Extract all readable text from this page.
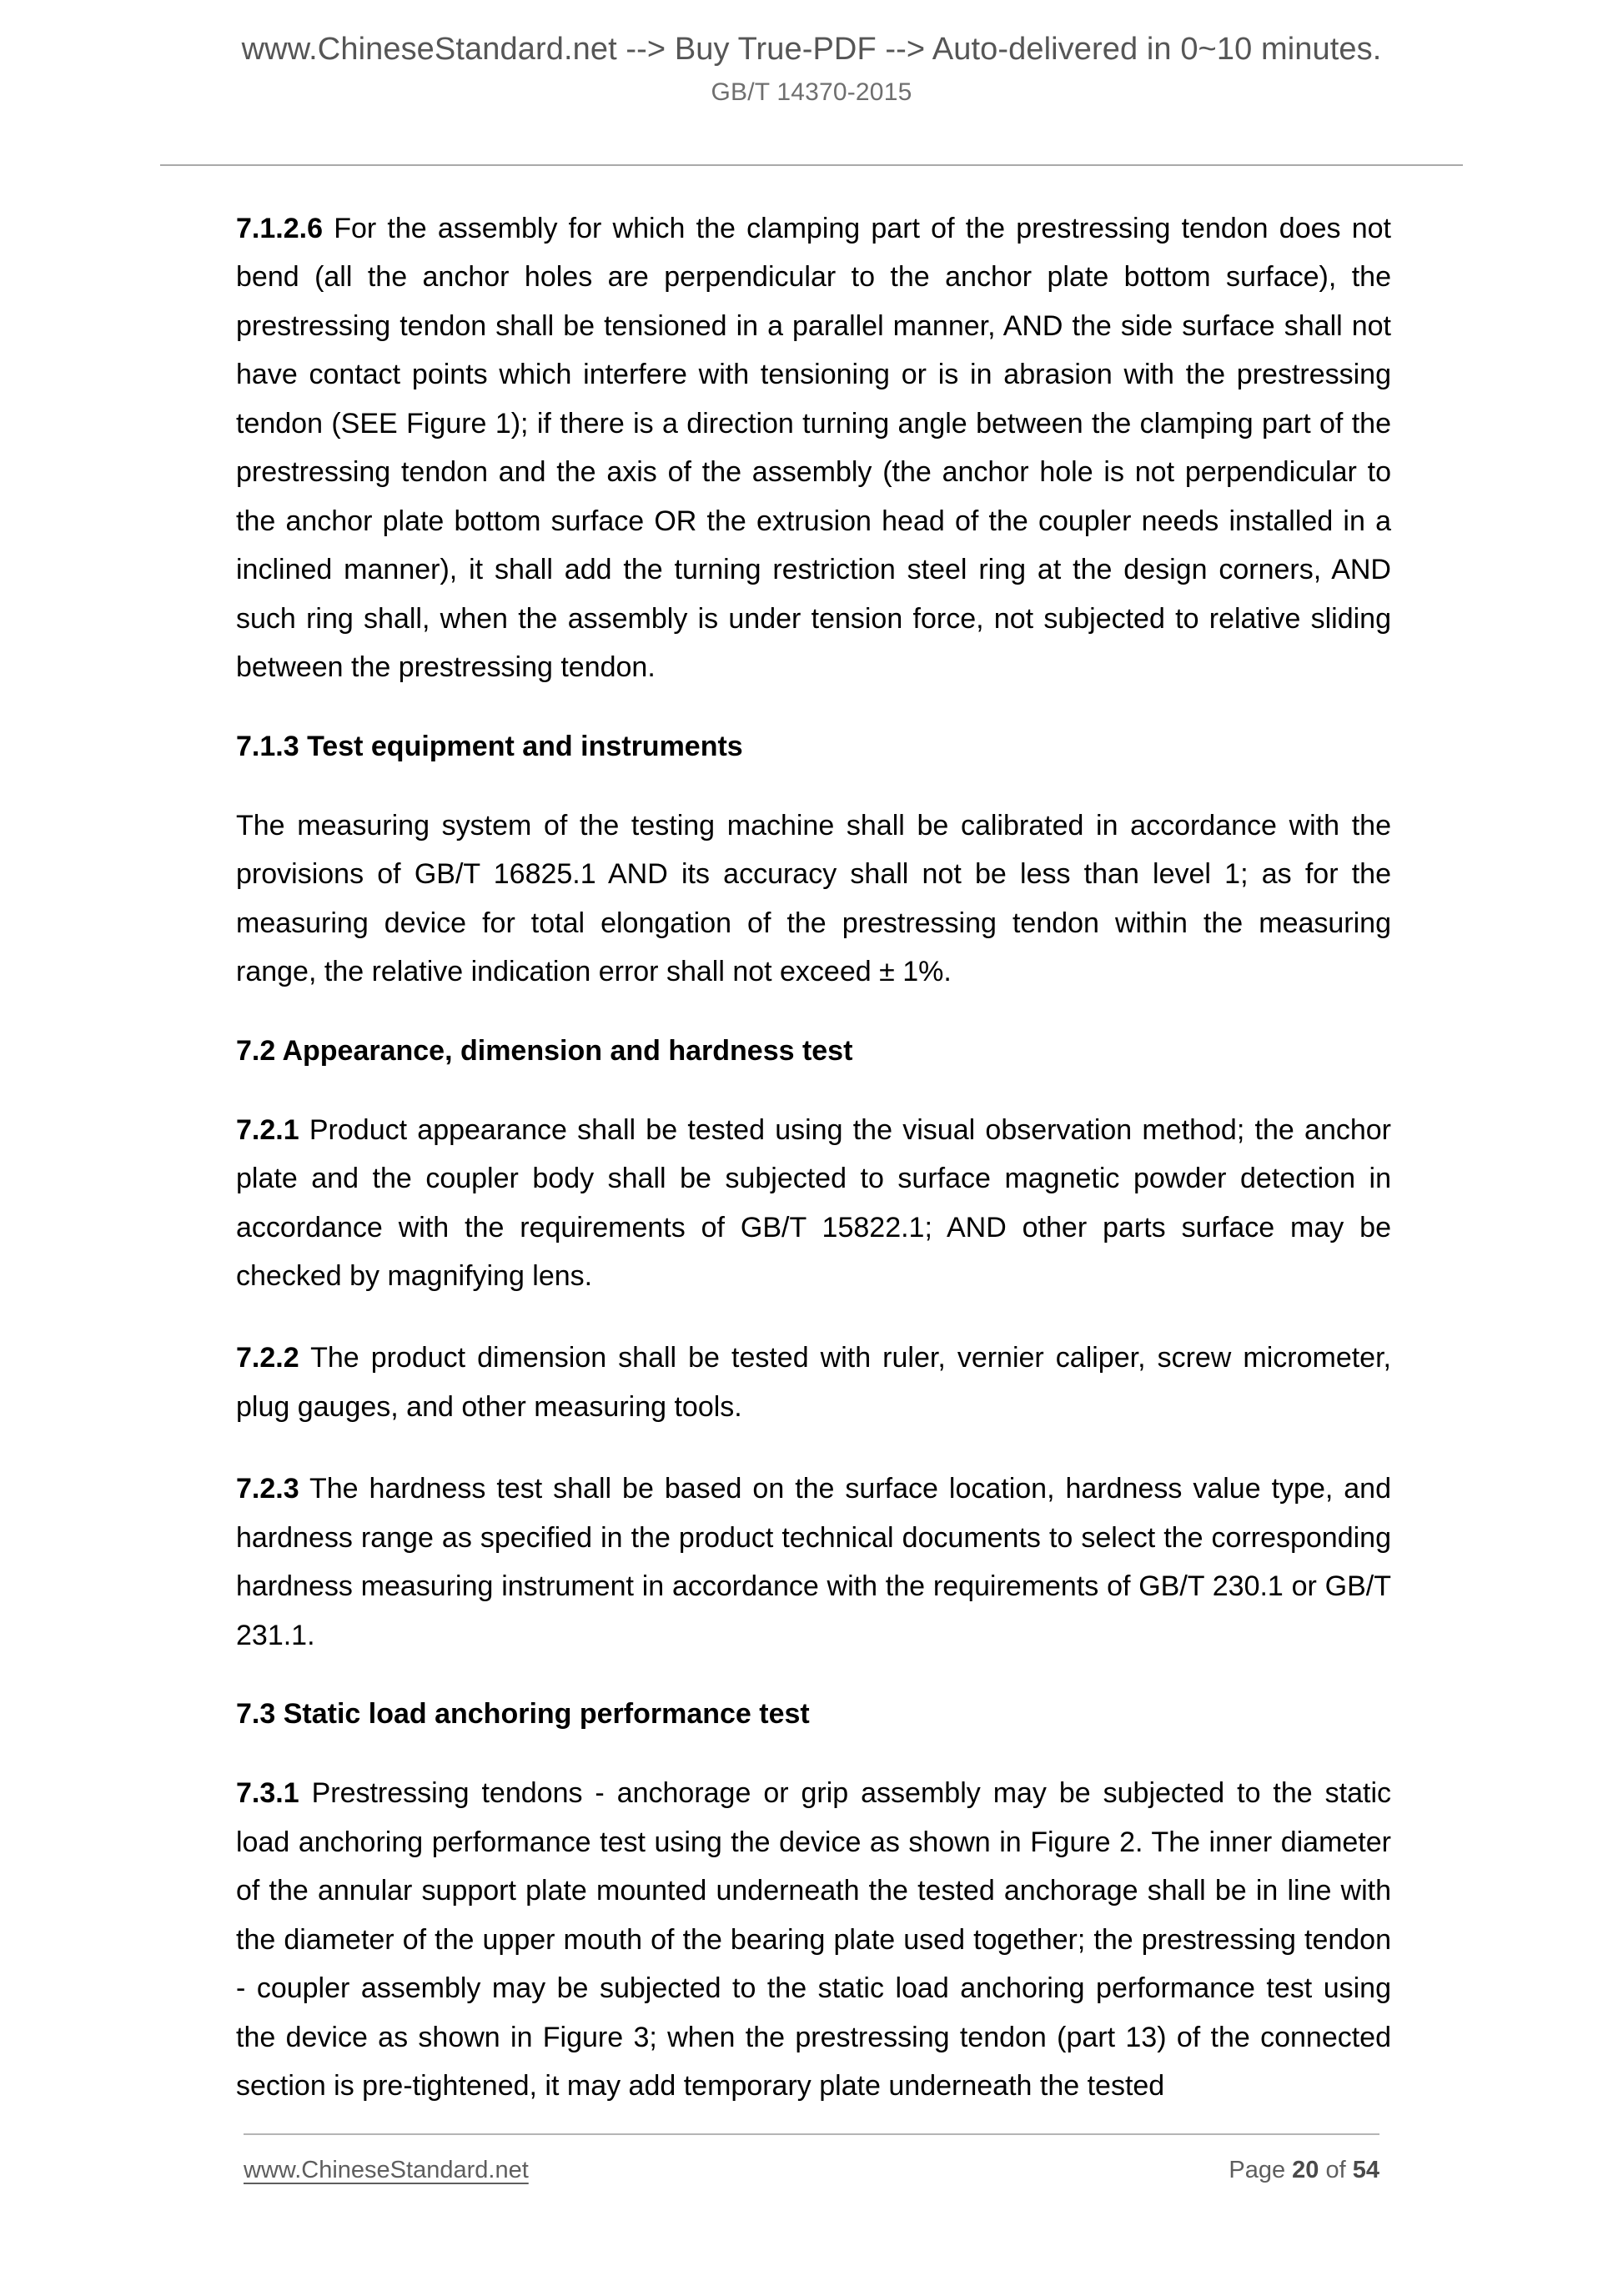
www.ChineseStandard.net --> Buy True-PDF --> Auto-delivered in 0~10 minutes.
GB/T 14370-2015

7.1.2.6 For the assembly for which the clamping part of the prestressing tendon does not bend (all the anchor holes are perpendicular to the anchor plate bottom surface), the prestressing tendon shall be tensioned in a parallel manner, AND the side surface shall not have contact points which interfere with tensioning or is in abrasion with the prestressing tendon (SEE Figure 1); if there is a direction turning angle between the clamping part of the prestressing tendon and the axis of the assembly (the anchor hole is not perpendicular to the anchor plate bottom surface OR the extrusion head of the coupler needs installed in a inclined manner), it shall add the turning restriction steel ring at the design corners, AND such ring shall, when the assembly is under tension force, not subjected to relative sliding between the prestressing tendon.

7.1.3 Test equipment and instruments

The measuring system of the testing machine shall be calibrated in accordance with the provisions of GB/T 16825.1 AND its accuracy shall not be less than level 1; as for the measuring device for total elongation of the prestressing tendon within the measuring range, the relative indication error shall not exceed ± 1%.

7.2 Appearance, dimension and hardness test

7.2.1 Product appearance shall be tested using the visual observation method; the anchor plate and the coupler body shall be subjected to surface magnetic powder detection in accordance with the requirements of GB/T 15822.1; AND other parts surface may be checked by magnifying lens.

7.2.2 The product dimension shall be tested with ruler, vernier caliper, screw micrometer, plug gauges, and other measuring tools.

7.2.3 The hardness test shall be based on the surface location, hardness value type, and hardness range as specified in the product technical documents to select the corresponding hardness measuring instrument in accordance with the requirements of GB/T 230.1 or GB/T 231.1.

7.3 Static load anchoring performance test

7.3.1 Prestressing tendons - anchorage or grip assembly may be subjected to the static load anchoring performance test using the device as shown in Figure 2. The inner diameter of the annular support plate mounted underneath the tested anchorage shall be in line with the diameter of the upper mouth of the bearing plate used together; the prestressing tendon - coupler assembly may be subjected to the static load anchoring performance test using the device as shown in Figure 3; when the prestressing tendon (part 13) of the connected section is pre-tightened, it may add temporary plate underneath the tested

www.ChineseStandard.net	Page 20 of 54
